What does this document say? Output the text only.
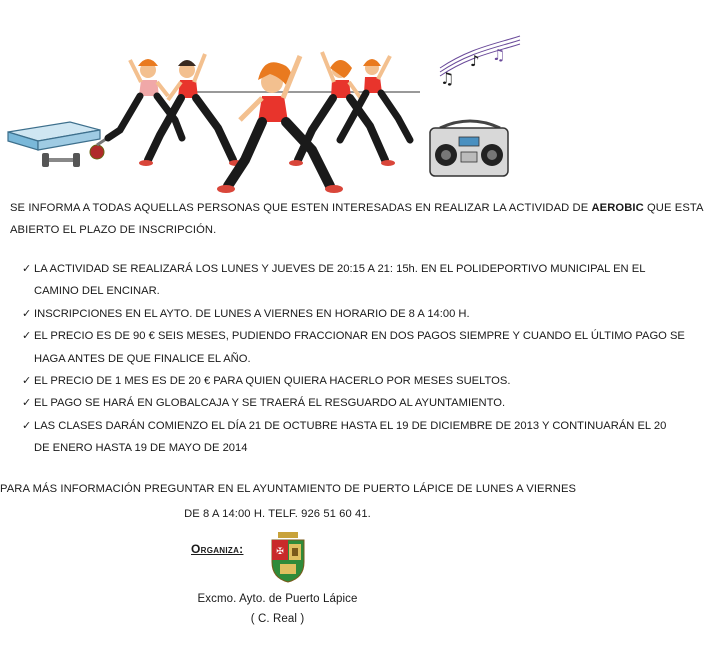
♫
♪ ♫
SE INFORMA A TODAS AQUELLAS PERSONAS QUE ESTEN INTERESADAS EN REALIZAR LA ACTIVIDAD DE AEROBIC QUE ESTA
ABIERTO EL PLAZO DE INSCRIPCIÓN.
✓ LA ACTIVIDAD SE REALIZARÁ LOS LUNES Y JUEVES DE 20:15 A 21: 15h. EN EL POLIDEPORTIVO MUNICIPAL EN EL
CAMINO DEL ENCINAR.
✓ INSCRIPCIONES EN EL AYTO. DE LUNES A VIERNES EN HORARIO DE 8 A 14:00 H.
✓ EL PRECIO ES DE 90 € SEIS MESES, PUDIENDO FRACCIONAR EN DOS PAGOS SIEMPRE Y CUANDO EL ÚLTIMO PAGO SE
HAGA ANTES DE QUE FINALICE EL AÑO.
✓ EL PRECIO DE 1 MES ES DE 20 € PARA QUIEN QUIERA HACERLO POR MESES SUELTOS.
✓ EL PAGO SE HARÁ EN GLOBALCAJA Y SE TRAERÁ EL RESGUARDO AL AYUNTAMIENTO.
✓ LAS CLASES DARÁN COMIENZO EL DÍA 21 DE OCTUBRE HASTA EL 19 DE DICIEMBRE DE 2013 Y CONTINUARÁN EL 20
DE ENERO HASTA 19 DE MAYO DE 2014
PARA MÁS INFORMACIÓN PREGUNTAR EN EL AYUNTAMIENTO DE PUERTO LÁPICE DE LUNES A VIERNES
DE 8 A 14:00 H. TELF. 926 51 60 41.
Organiza:	✠
Excmo. Ayto. de Puerto Lápice
( C. Real )
